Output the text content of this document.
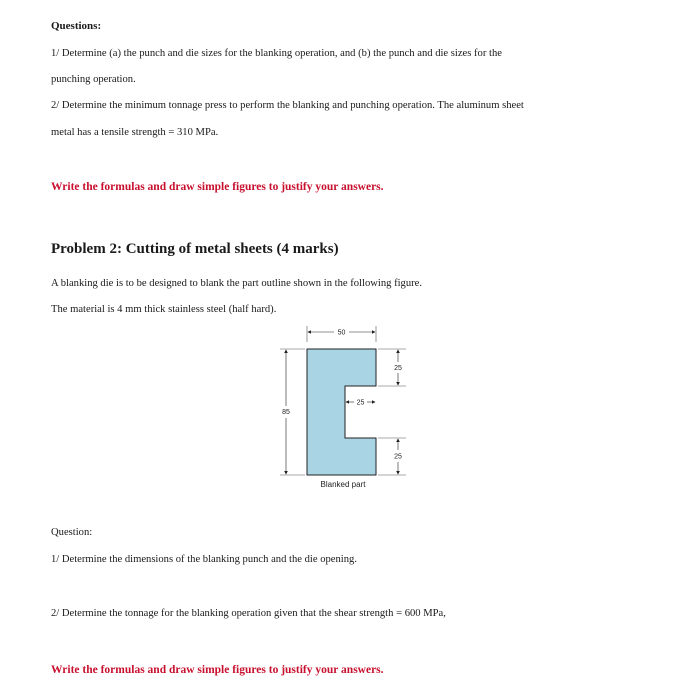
Questions:
1/ Determine (a) the punch and die sizes for the blanking operation, and (b) the punch and die sizes for the
punching operation.
2/ Determine the minimum tonnage press to perform the blanking and punching operation. The aluminum sheet
metal has a tensile strength = 310 MPa.
Write the formulas and draw simple figures to justify your answers.
Problem 2: Cutting of metal sheets (4 marks)
A blanking die is to be designed to blank the part outline shown in the following figure.
The material is 4 mm thick stainless steel (half hard).
50
85
25
25
25
Blanked part
Question:
1/ Determine the dimensions of the blanking punch and the die opening.
2/ Determine the tonnage for the blanking operation given that the shear strength = 600 MPa,
Write the formulas and draw simple figures to justify your answers.
